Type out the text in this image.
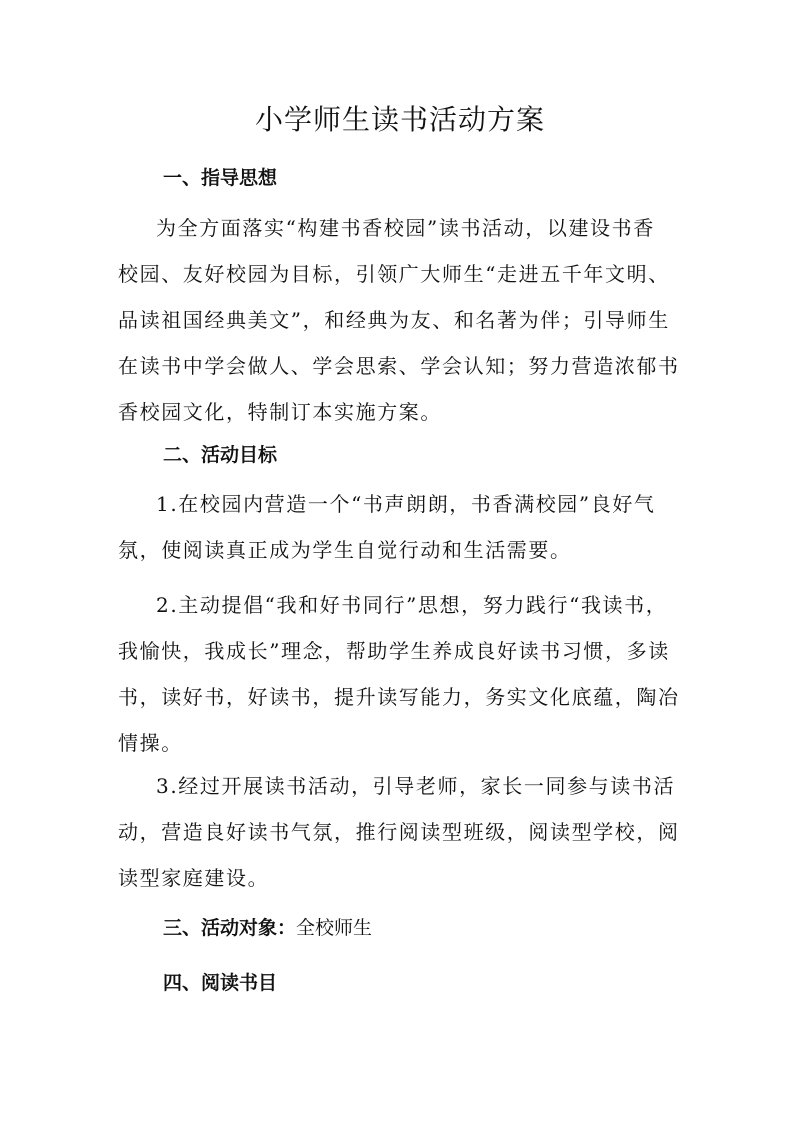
小学师生读书活动方案
一、指导思想

为全方面落实“构建书香校园”读书活动，以建设书香
校园、友好校园为目标，引领广大师生“走进五千年文明、
品读祖国经典美文”，和经典为友、和名著为伴；引导师生
在读书中学会做人、学会思索、学会认知；努力营造浓郁书
香校园文化，特制订本实施方案。

二、活动目标

1.在校园内营造一个“书声朗朗，书香满校园”良好气
氛，使阅读真正成为学生自觉行动和生活需要。

2.主动提倡“我和好书同行”思想，努力践行“我读书，
我愉快，我成长”理念，帮助学生养成良好读书习惯，多读
书，读好书，好读书，提升读写能力，务实文化底蕴，陶冶
情操。

3.经过开展读书活动，引导老师，家长一同参与读书活
动，营造良好读书气氛，推行阅读型班级，阅读型学校，阅
读型家庭建设。

三、活动对象：全校师生
四、阅读书目
